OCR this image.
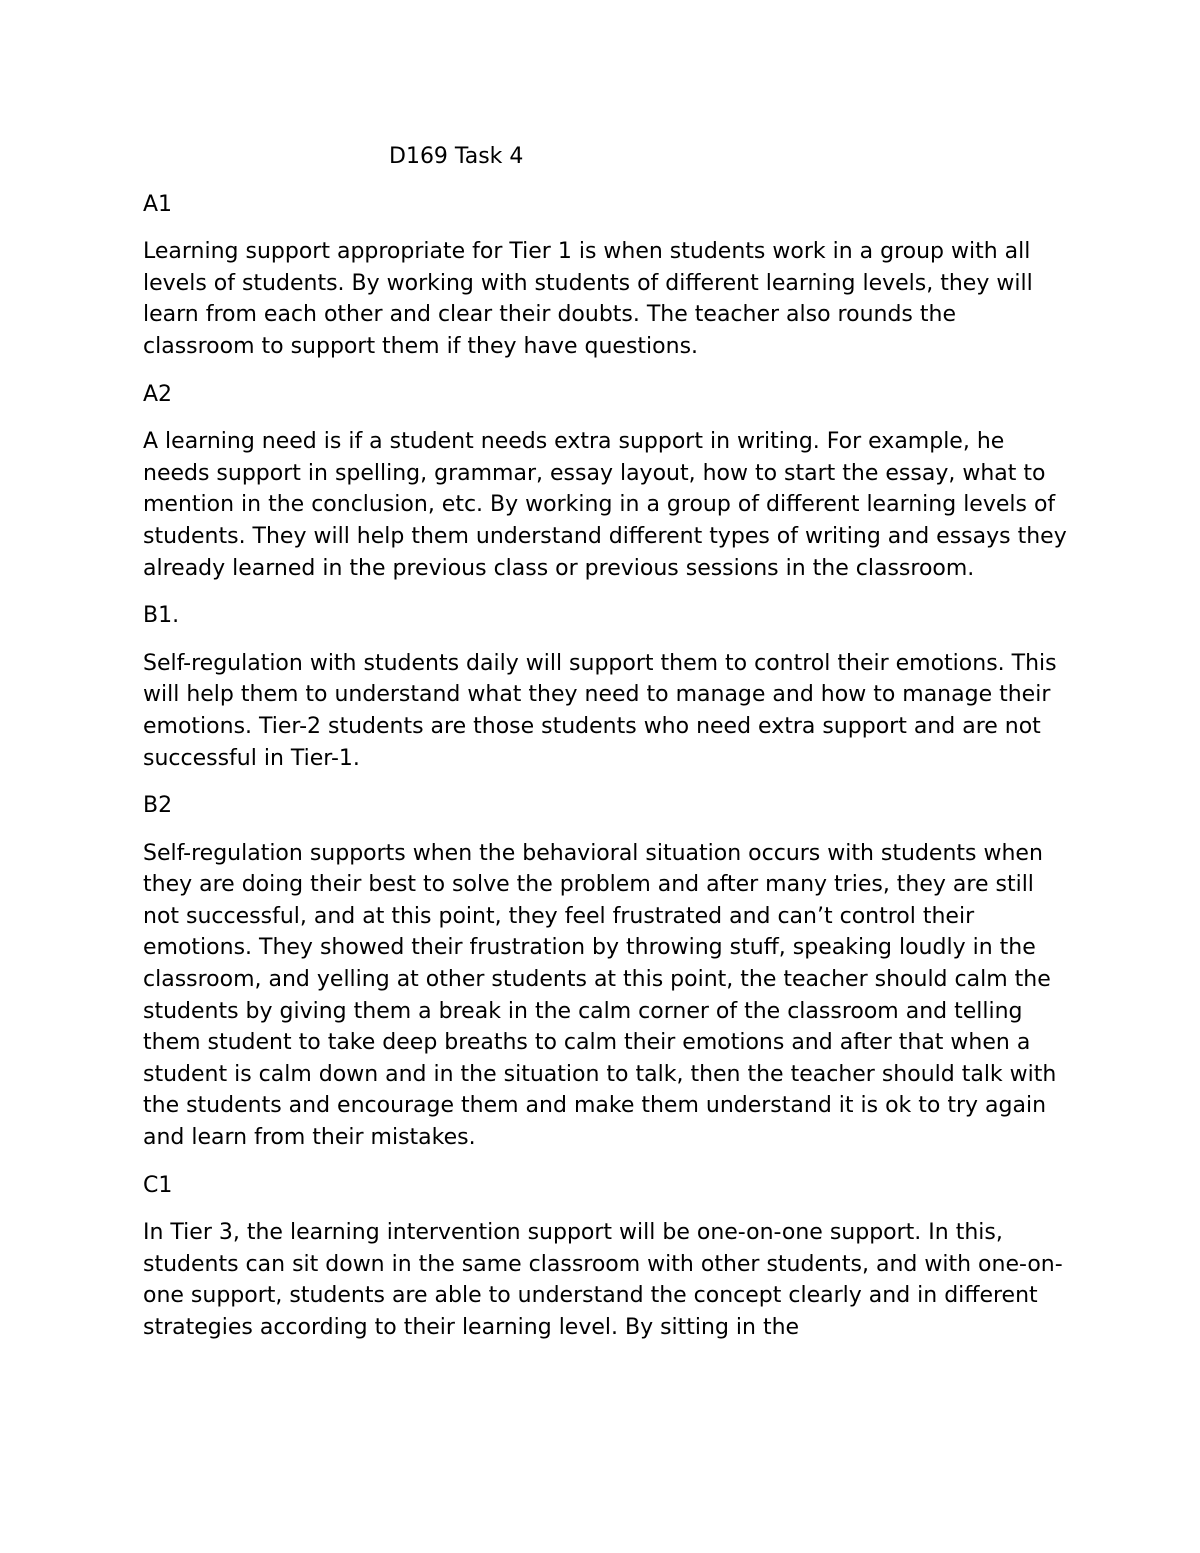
D169 Task 4
A1

Learning support appropriate for Tier 1 is when students work in a group with all levels of students. By working with students of different learning levels, they will learn from each other and clear their doubts. The teacher also rounds the classroom to support them if they have questions.

A2

A learning need is if a student needs extra support in writing. For example, he needs support in spelling, grammar, essay layout, how to start the essay, what to mention in the conclusion, etc. By working in a group of different learning levels of students. They will help them understand different types of writing and essays they already learned in the previous class or previous sessions in the classroom.

B1.

Self-regulation with students daily will support them to control their emotions. This will help them to understand what they need to manage and how to manage their emotions. Tier-2 students are those students who need extra support and are not successful in Tier-1.

B2

Self-regulation supports when the behavioral situation occurs with students when they are doing their best to solve the problem and after many tries, they are still not successful, and at this point, they feel frustrated and can’t control their emotions. They showed their frustration by throwing stuff, speaking loudly in the classroom, and yelling at other students at this point, the teacher should calm the students by giving them a break in the calm corner of the classroom and telling them student to take deep breaths to calm their emotions and after that when a student is calm down and in the situation to talk, then the teacher should talk with the students and encourage them and make them understand it is ok to try again and learn from their mistakes.

C1

In Tier 3, the learning intervention support will be one-on-one support. In this, students can sit down in the same classroom with other students, and with one-on-one support, students are able to understand the concept clearly and in different strategies according to their learning level. By sitting in the
